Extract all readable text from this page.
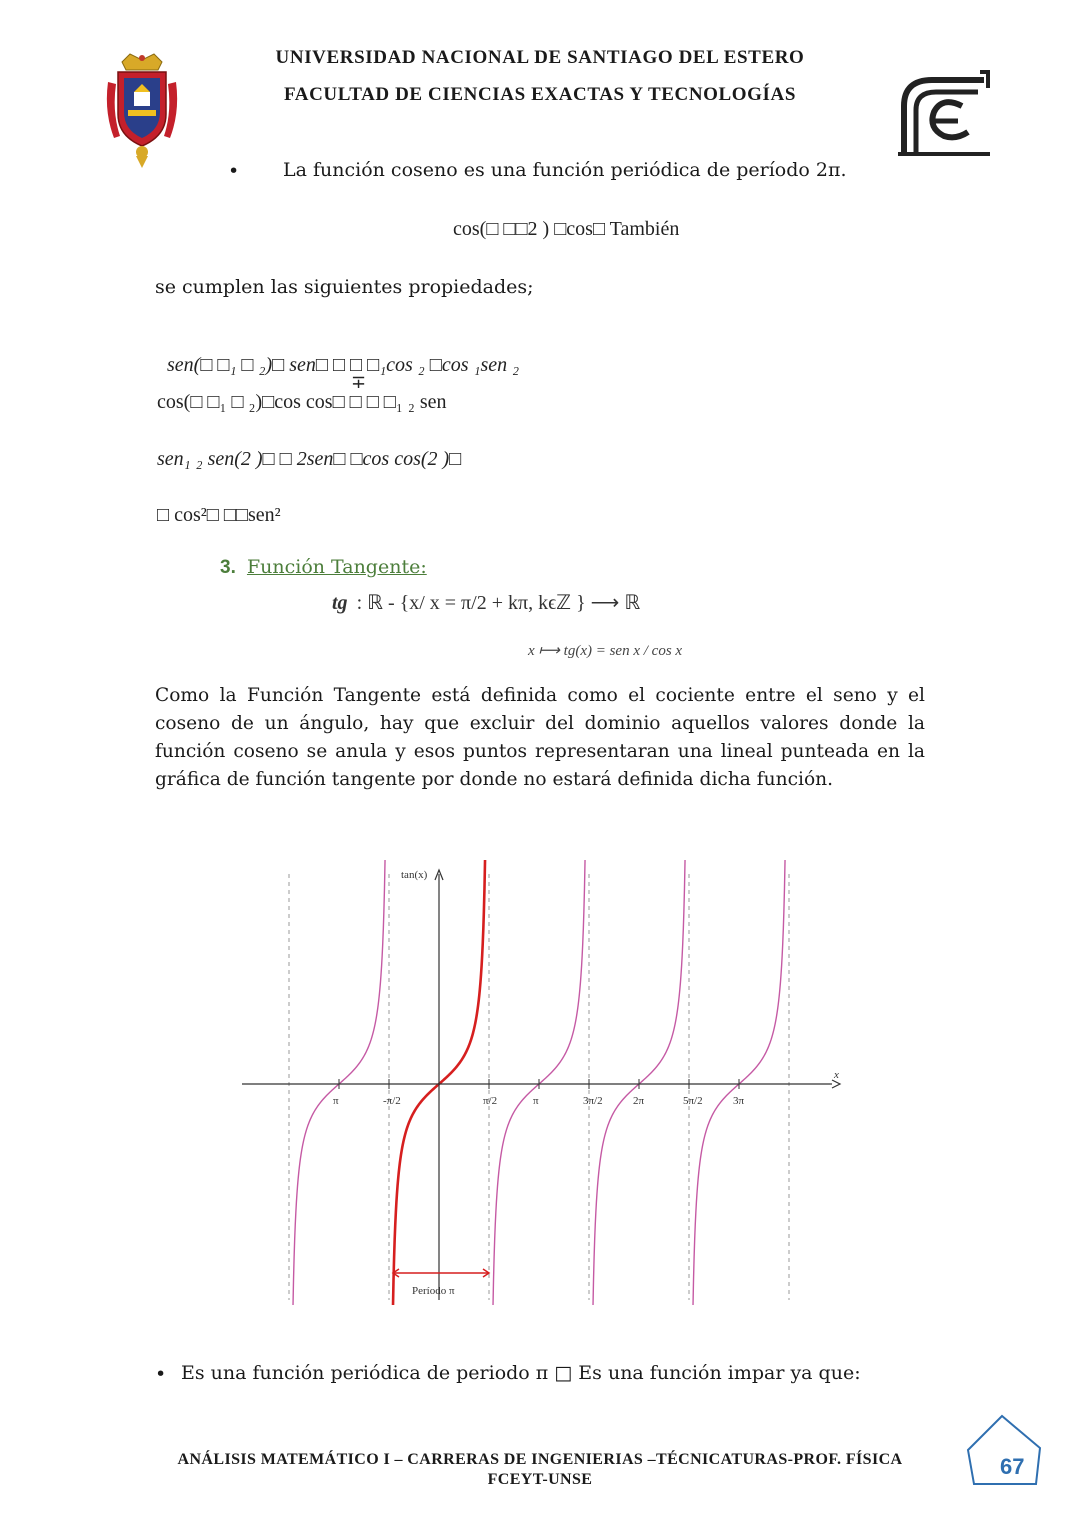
UNIVERSIDAD NACIONAL DE SANTIAGO DEL ESTERO
FACULTAD DE CIENCIAS EXACTAS Y TECNOLOGÍAS
• La función coseno es una función periódica de período 2π.
cos(□ □□2 ) □cos□ También
se cumplen las siguientes propiedades;

sen(□ □₁ □ ₂)□ sen□ □ □ □₁cos ₂ □cos ₁sen ₂

∓
cos(□ □₁ □ ₂)□cos cos□ □ □ □₁ ₂ sen
sen₁ ₂ sen(2 )□ □ 2sen□ □cos cos(2 )□
□ cos²□ □□sen²
3. Función Tangente:
tg : ℝ - {x/ x = π/2 + kπ, kϵℤ } ⟶ ℝ
x ⟼ tg(x) = sen x / cos x
Como la Función Tangente está definida como el cociente entre el seno y el coseno de un ángulo, hay que excluir del dominio aquellos valores donde la función coseno se anula y esos puntos representaran una lineal punteada en la gráfica de función tangente por donde no estará definida dicha función.
x
tan(x)
π	-π/2	π/2	π	3π/2	2π	5π/2	3π
Período π
• Es una función periódica de periodo π □ Es una función impar ya que:
ANÁLISIS MATEMÁTICO I – CARRERAS DE INGENIERIAS –TÉCNICATURAS-PROF. FÍSICA
FCEYT-UNSE
67
